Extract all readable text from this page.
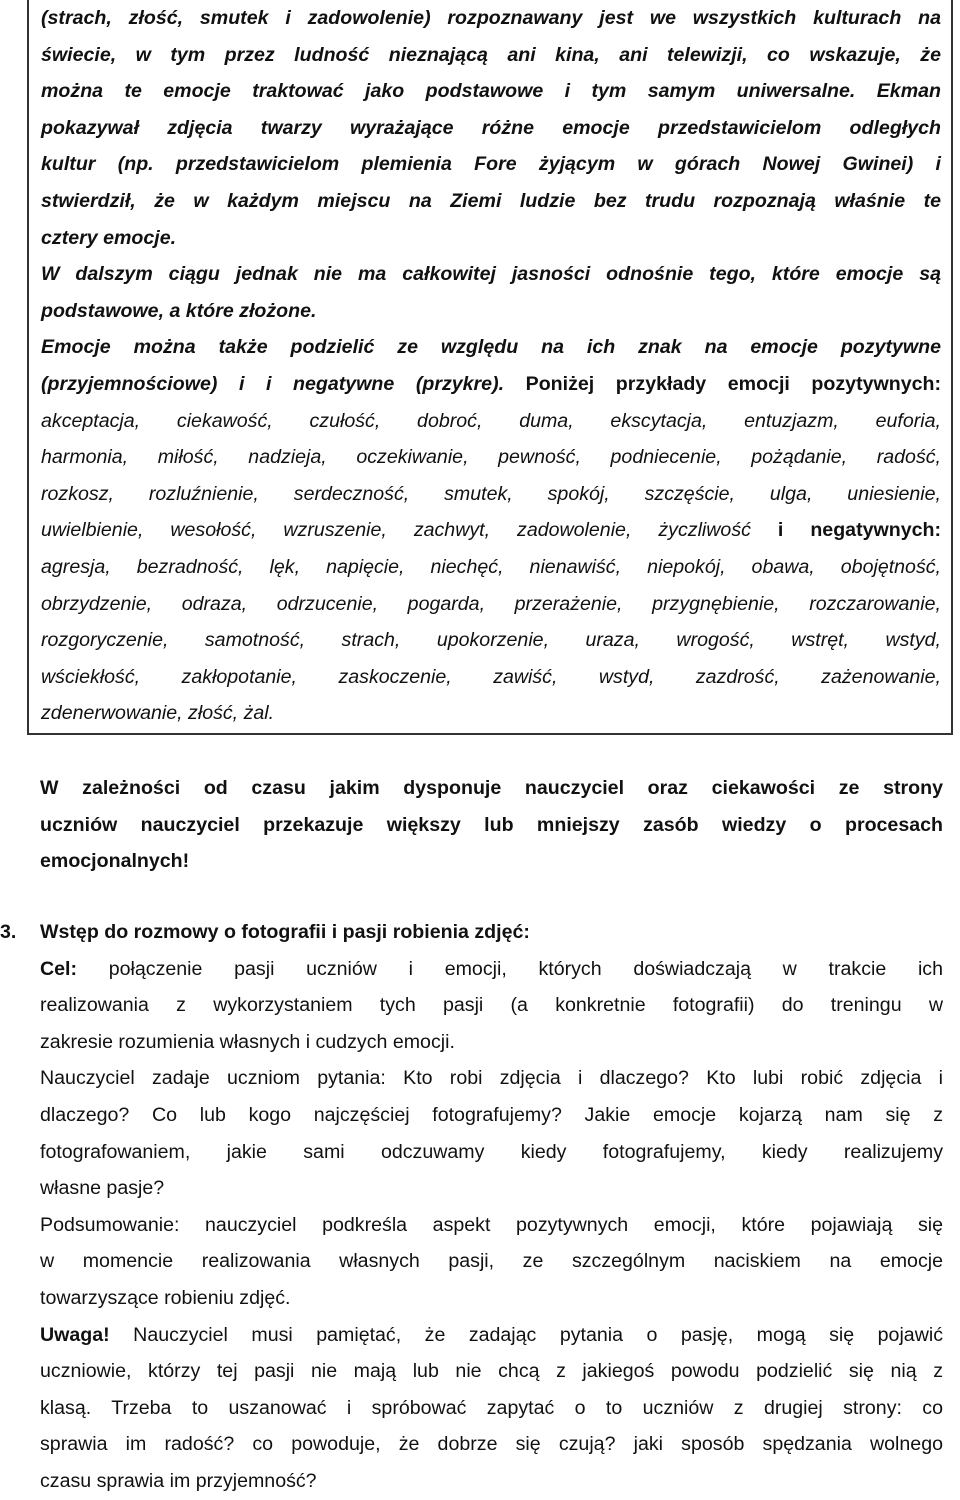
(strach, złość, smutek i zadowolenie) rozpoznawany jest we wszystkich kulturach na
świecie, w tym przez ludność nieznającą ani kina, ani telewizji, co wskazuje, że
można te emocje traktować jako podstawowe i tym samym uniwersalne. Ekman
pokazywał zdjęcia twarzy wyrażające różne emocje przedstawicielom odległych
kultur (np. przedstawicielom plemienia Fore żyjącym w górach Nowej Gwinei) i
stwierdził, że w każdym miejscu na Ziemi ludzie bez trudu rozpoznają właśnie te
cztery emocje.
W dalszym ciągu jednak nie ma całkowitej jasności odnośnie tego, które emocje są
podstawowe, a które złożone.
Emocje można także podzielić ze względu na ich znak na emocje pozytywne
(przyjemnościowe) i i negatywne (przykre). Poniżej przykłady emocji pozytywnych:
akceptacja, ciekawość, czułość, dobroć, duma, ekscytacja, entuzjazm, euforia,
harmonia, miłość, nadzieja, oczekiwanie, pewność, podniecenie, pożądanie, radość,
rozkosz, rozluźnienie, serdeczność, smutek, spokój, szczęście, ulga, uniesienie,
uwielbienie, wesołość, wzruszenie, zachwyt, zadowolenie, życzliwość i negatywnych:
agresja, bezradność, lęk, napięcie, niechęć, nienawiść, niepokój, obawa, obojętność,
obrzydzenie, odraza, odrzucenie, pogarda, przerażenie, przygnębienie, rozczarowanie,
rozgoryczenie, samotność, strach, upokorzenie, uraza, wrogość, wstręt, wstyd,
wściekłość, zakłopotanie, zaskoczenie, zawiść, wstyd, zazdrość, zażenowanie,
zdenerwowanie, złość, żal.
W zależności od czasu jakim dysponuje nauczyciel oraz ciekawości ze strony
uczniów nauczyciel przekazuje większy lub mniejszy zasób wiedzy o procesach
emocjonalnych!
3. Wstęp do rozmowy o fotografii i pasji robienia zdjęć:
Cel: połączenie pasji uczniów i emocji, których doświadczają w trakcie ich
realizowania z wykorzystaniem tych pasji (a konkretnie fotografii) do treningu w
zakresie rozumienia własnych i cudzych emocji.
Nauczyciel zadaje uczniom pytania: Kto robi zdjęcia i dlaczego? Kto lubi robić zdjęcia i
dlaczego? Co lub kogo najczęściej fotografujemy? Jakie emocje kojarzą nam się z
fotografowaniem, jakie sami odczuwamy kiedy fotografujemy, kiedy realizujemy
własne pasje?
Podsumowanie: nauczyciel podkreśla aspekt pozytywnych emocji, które pojawiają się
w momencie realizowania własnych pasji, ze szczególnym naciskiem na emocje
towarzyszące robieniu zdjęć.
Uwaga! Nauczyciel musi pamiętać, że zadając pytania o pasję, mogą się pojawić
uczniowie, którzy tej pasji nie mają lub nie chcą z jakiegoś powodu podzielić się nią z
klasą. Trzeba to uszanować i spróbować zapytać o to uczniów z drugiej strony: co
sprawia im radość? co powoduje, że dobrze się czują? jaki sposób spędzania wolnego
czasu sprawia im przyjemność?
